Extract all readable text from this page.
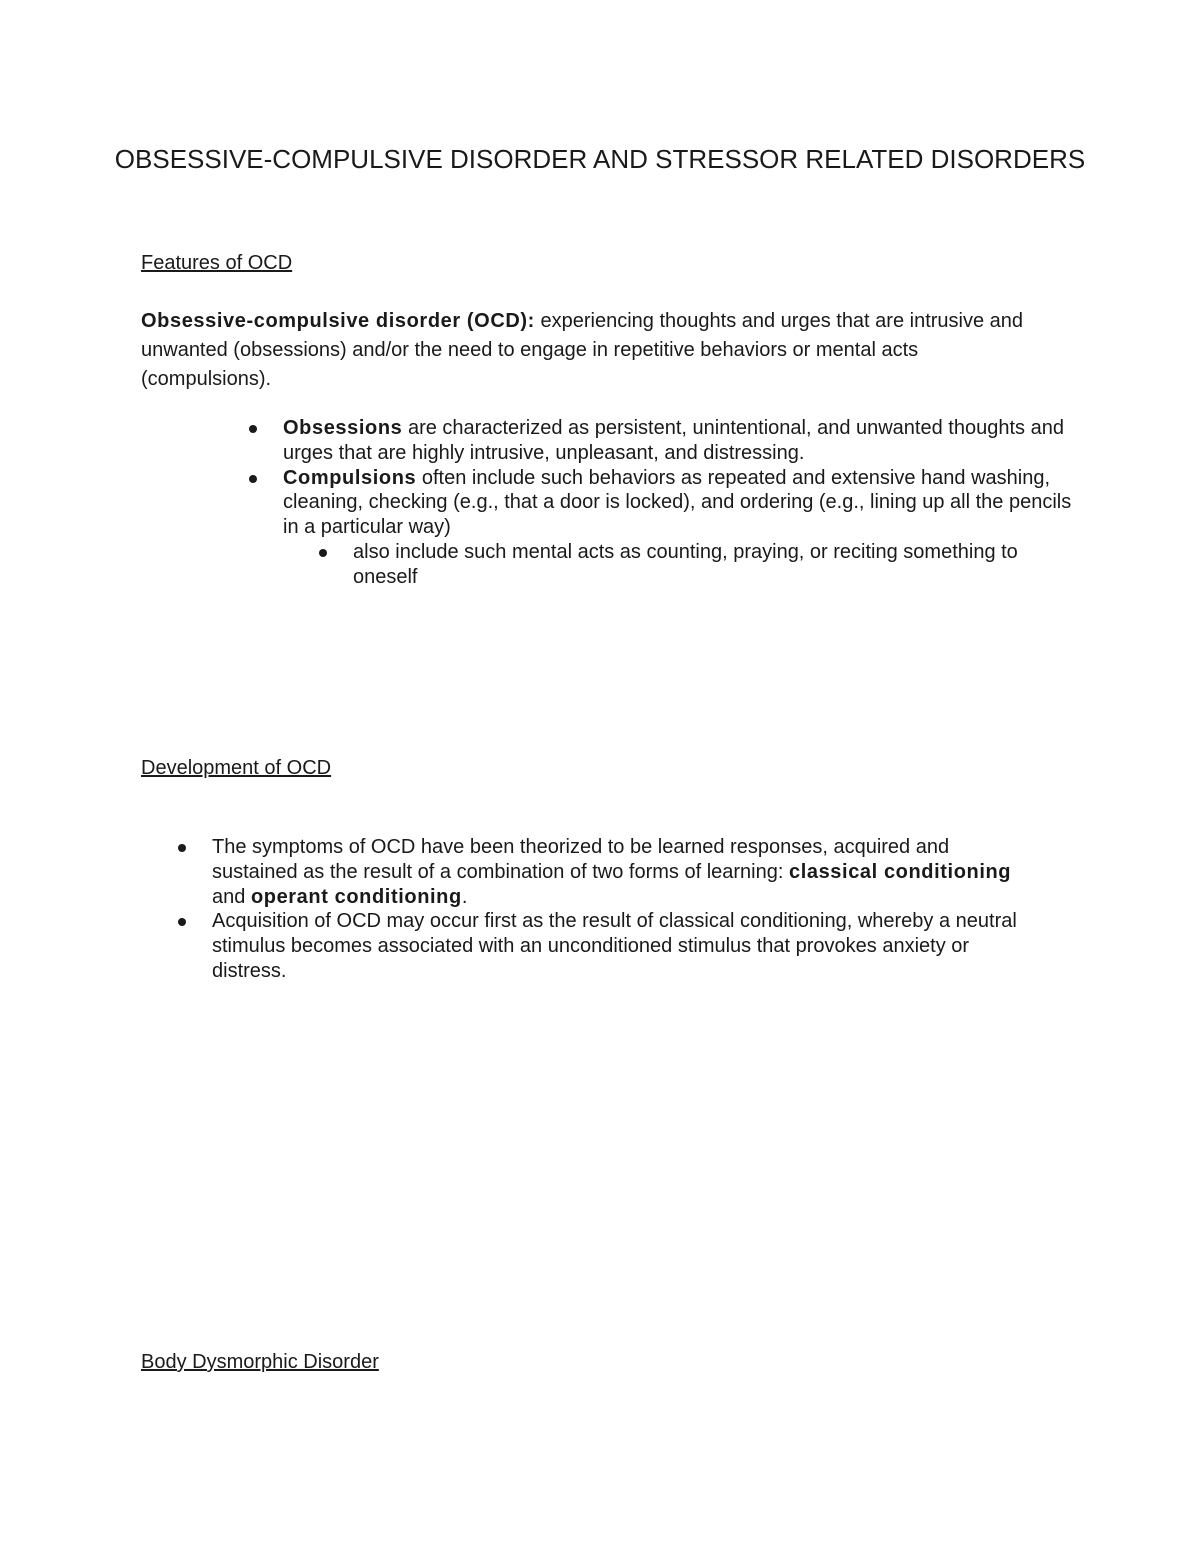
OBSESSIVE-COMPULSIVE DISORDER AND STRESSOR RELATED DISORDERS
Features of OCD

Obsessive-compulsive disorder (OCD): experiencing thoughts and urges that are intrusive and unwanted (obsessions) and/or the need to engage in repetitive behaviors or mental acts (compulsions).

Obsessions are characterized as persistent, unintentional, and unwanted thoughts and urges that are highly intrusive, unpleasant, and distressing.
Compulsions often include such behaviors as repeated and extensive hand washing, cleaning, checking (e.g., that a door is locked), and ordering (e.g., lining up all the pencils in a particular way)
also include such mental acts as counting, praying, or reciting something to oneself
Development of OCD
The symptoms of OCD have been theorized to be learned responses, acquired and sustained as the result of a combination of two forms of learning: classical conditioning and operant conditioning.
Acquisition of OCD may occur first as the result of classical conditioning, whereby a neutral stimulus becomes associated with an unconditioned stimulus that provokes anxiety or distress.
Body Dysmorphic Disorder
